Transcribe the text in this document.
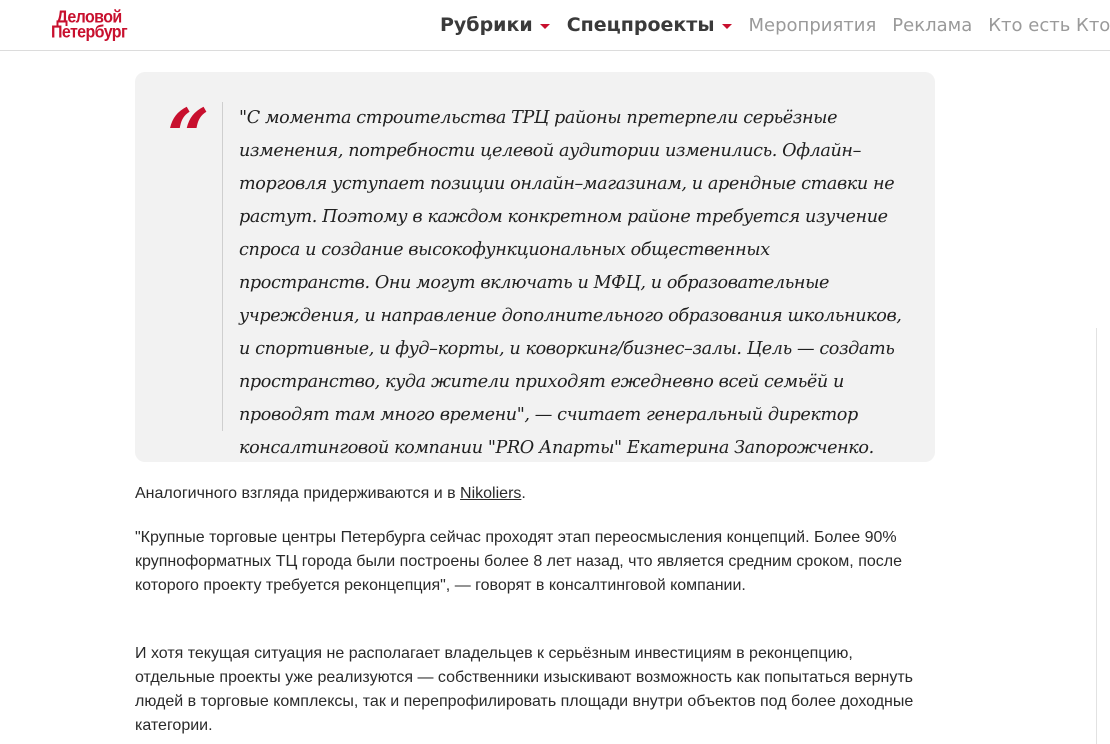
Деловой
Петербург	Рубрики Спецпроекты Мероприятия Реклама Кто есть Кто
“ "С момента строительства ТРЦ районы претерпели серьёзные изменения, потребности целевой аудитории изменились. Офлайн–торговля уступает позиции онлайн–магазинам, и арендные ставки не растут. Поэтому в каждом конкретном районе требуется изучение спроса и создание высокофункциональных общественных пространств. Они могут включать и МФЦ, и образовательные учреждения, и направление дополнительного образования школьников, и спортивные, и фуд–корты, и коворкинг/бизнес–залы. Цель — создать пространство, куда жители приходят ежедневно всей семьёй и проводят там много времени", — считает генеральный директор консалтинговой компании "PRO Апарты" Екатерина Запорожченко.

Аналогичного взгляда придерживаются и в Nikoliers.

"Крупные торговые центры Петербурга сейчас проходят этап переосмысления концепций. Более 90% крупноформатных ТЦ города были построены более 8 лет назад, что является средним сроком, после которого проекту требуется реконцепция", — говорят в консалтинговой компании.

И хотя текущая ситуация не располагает владельцев к серьёзным инвестициям в реконцепцию, отдельные проекты уже реализуются — собственники изыскивают возможность как попытаться вернуть людей в торговые комплексы, так и перепрофилировать площади внутри объектов под более доходные категории.
